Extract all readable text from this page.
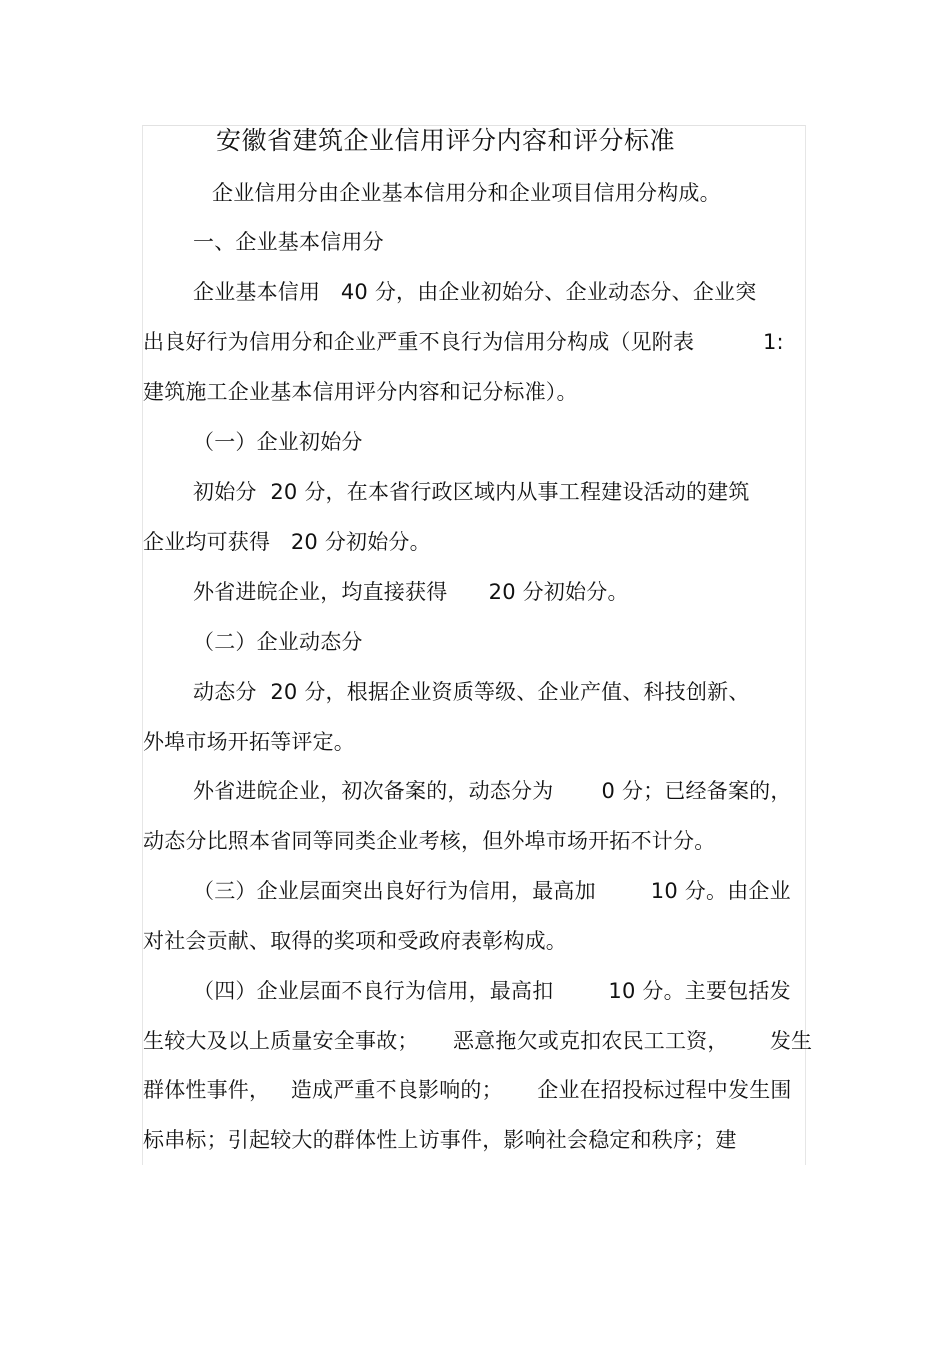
安徽省建筑企业信用评分内容和评分标准
企业信用分由企业基本信用分和企业项目信用分构成。
一、企业基本信用分
企业基本信用   40 分，由企业初始分、企业动态分、企业突
出良好行为信用分和企业严重不良行为信用分构成（见附表          1:
建筑施工企业基本信用评分内容和记分标准）。
（一）企业初始分
初始分  20 分，在本省行政区域内从事工程建设活动的建筑
企业均可获得   20 分初始分。
外省进皖企业，均直接获得      20 分初始分。
（二）企业动态分
动态分  20 分，根据企业资质等级、企业产值、科技创新、
外埠市场开拓等评定。
外省进皖企业，初次备案的，动态分为       0 分；已经备案的，
动态分比照本省同等同类企业考核，但外埠市场开拓不计分。
（三）企业层面突出良好行为信用，最高加        10 分。由企业
对社会贡献、取得的奖项和受政府表彰构成。
（四）企业层面不良行为信用，最高扣        10 分。主要包括发
生较大及以上质量安全事故；     恶意拖欠或克扣农民工工资，      发生
群体性事件，   造成严重不良影响的；     企业在招投标过程中发生围
标串标；引起较大的群体性上访事件，影响社会稳定和秩序；建
